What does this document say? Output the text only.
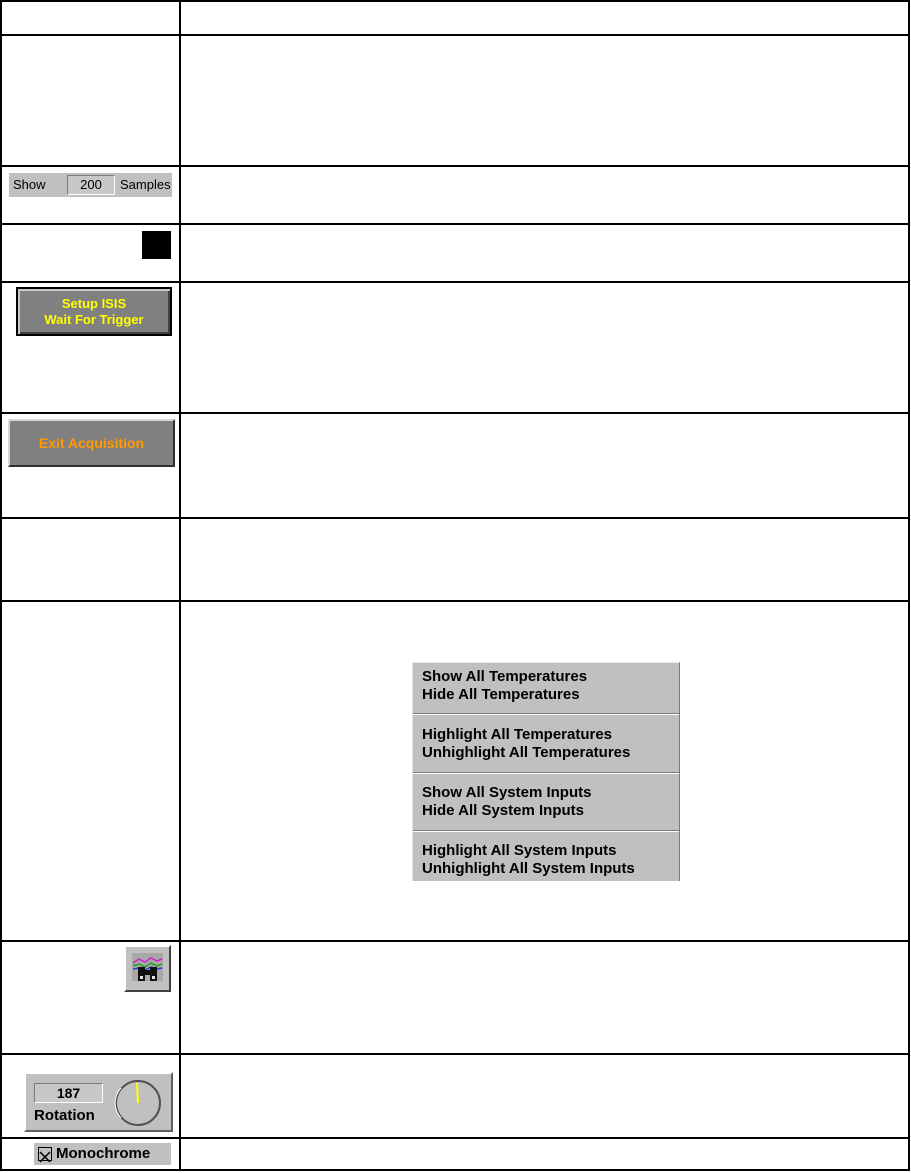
Show	200	Samples
Setup ISIS
Wait For Trigger
Exit Acquisition
Show All Temperatures
Hide All Temperatures
Highlight All Temperatures
Unhighlight All Temperatures
Show All System Inputs
Hide All System Inputs
Highlight All System Inputs
Unhighlight All System Inputs
187
Rotation
Monochrome
